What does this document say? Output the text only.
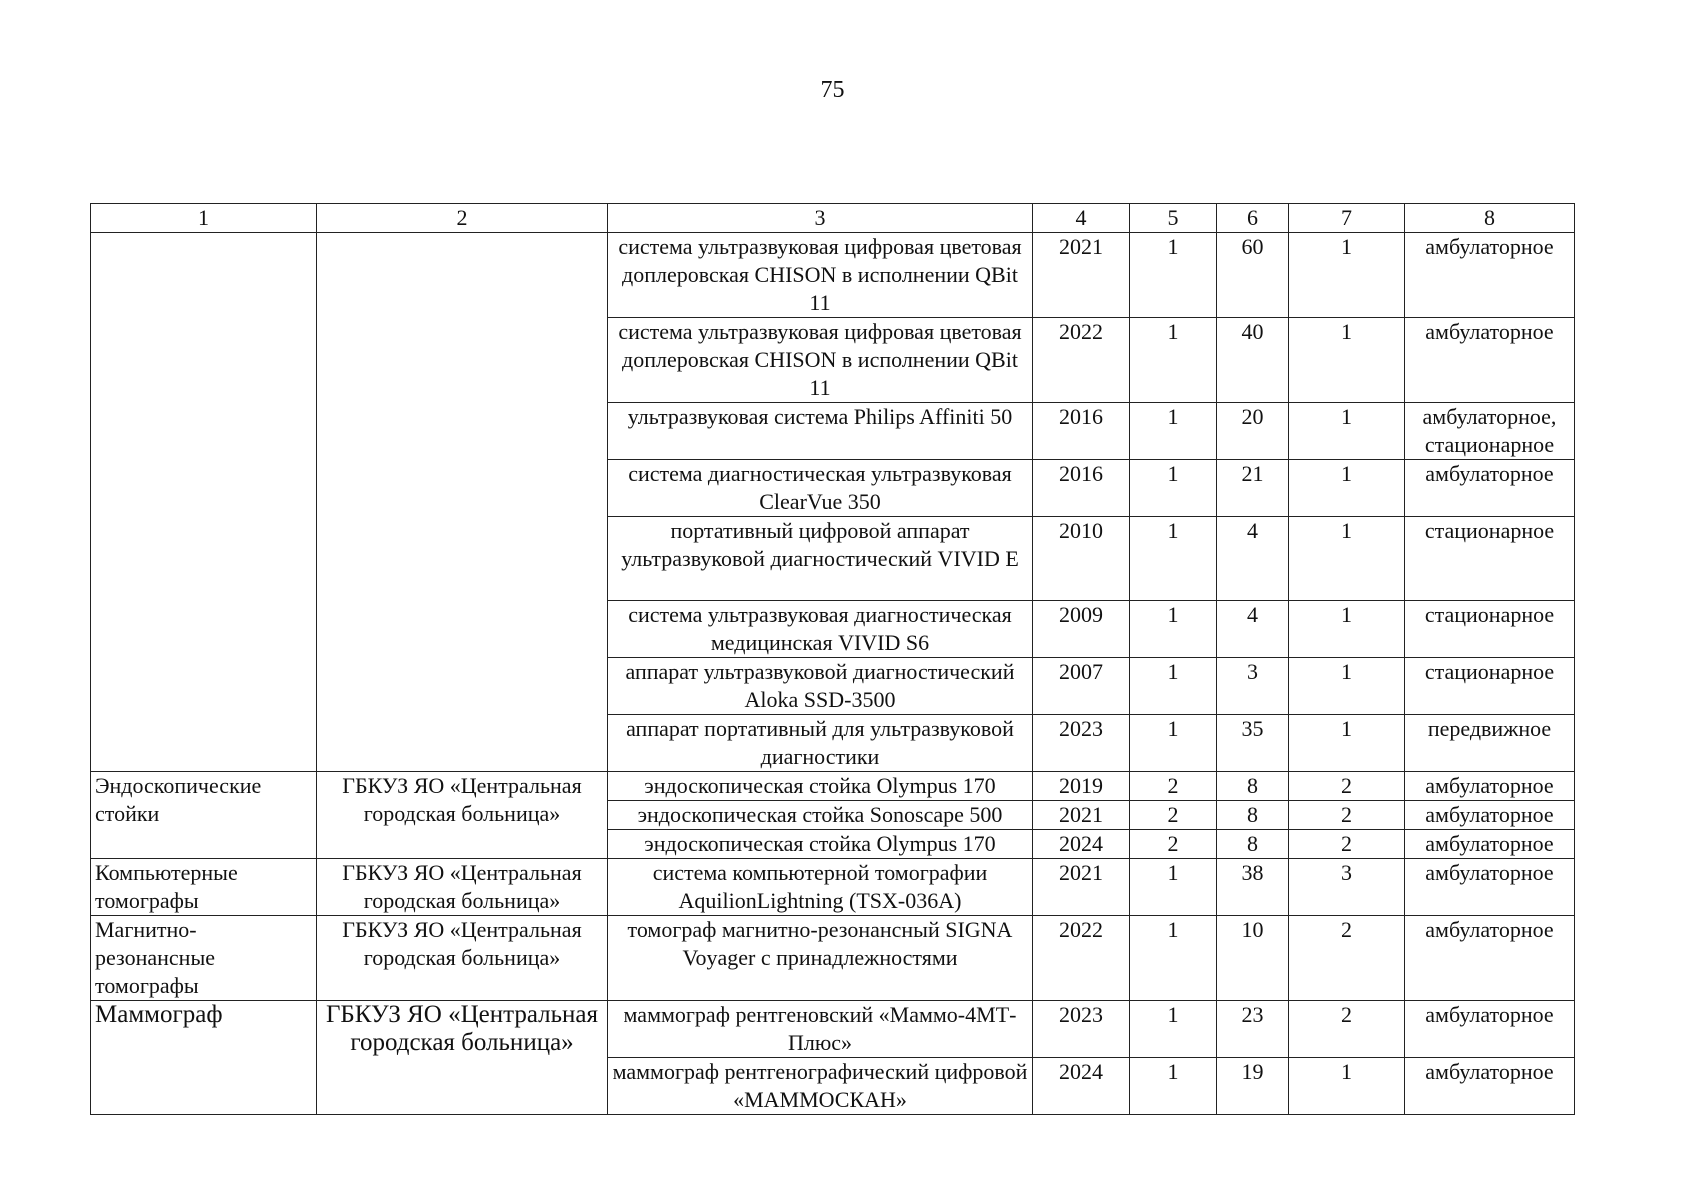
75
1	2	3	4	5	6	7	8
		система ультразвуковая цифровая цветовая доплеровская CHISON в исполнении QBit 11	2021	1	60	1	амбулаторное
		система ультразвуковая цифровая цветовая доплеровская CHISON в исполнении QBit 11	2022	1	40	1	амбулаторное
		ультразвуковая система Philips Affiniti 50	2016	1	20	1	амбулаторное, стационарное
		система диагностическая ультразвуковая ClearVue 350	2016	1	21	1	амбулаторное
		портативный цифровой аппарат ультразвуковой диагностический VIVID E	2010	1	4	1	стационарное
		система ультразвуковая диагностическая медицинская VIVID S6	2009	1	4	1	стационарное
		аппарат ультразвуковой диагностический Aloka SSD-3500	2007	1	3	1	стационарное
		аппарат портативный для ультразвуковой диагностики	2023	1	35	1	передвижное
Эндоскопические стойки	ГБКУЗ ЯО «Центральная городская больница»	эндоскопическая стойка Olympus 170	2019	2	8	2	амбулаторное
		эндоскопическая стойка Sonoscape 500	2021	2	8	2	амбулаторное
		эндоскопическая стойка Olympus 170	2024	2	8	2	амбулаторное
Компьютерные томографы	ГБКУЗ ЯО «Центральная городская больница»	система компьютерной томографии AquilionLightning (TSX-036A)	2021	1	38	3	амбулаторное
Магнитно-резонансные томографы	ГБКУЗ ЯО «Центральная городская больница»	томограф магнитно-резонансный SIGNA Voyager с принадлежностями	2022	1	10	2	амбулаторное
Маммограф	ГБКУЗ ЯО «Центральная городская больница»	маммограф рентгеновский «Маммо-4МТ-Плюс»	2023	1	23	2	амбулаторное
		маммограф рентгенографический цифровой «МАММОСКАН»	2024	1	19	1	амбулаторное
